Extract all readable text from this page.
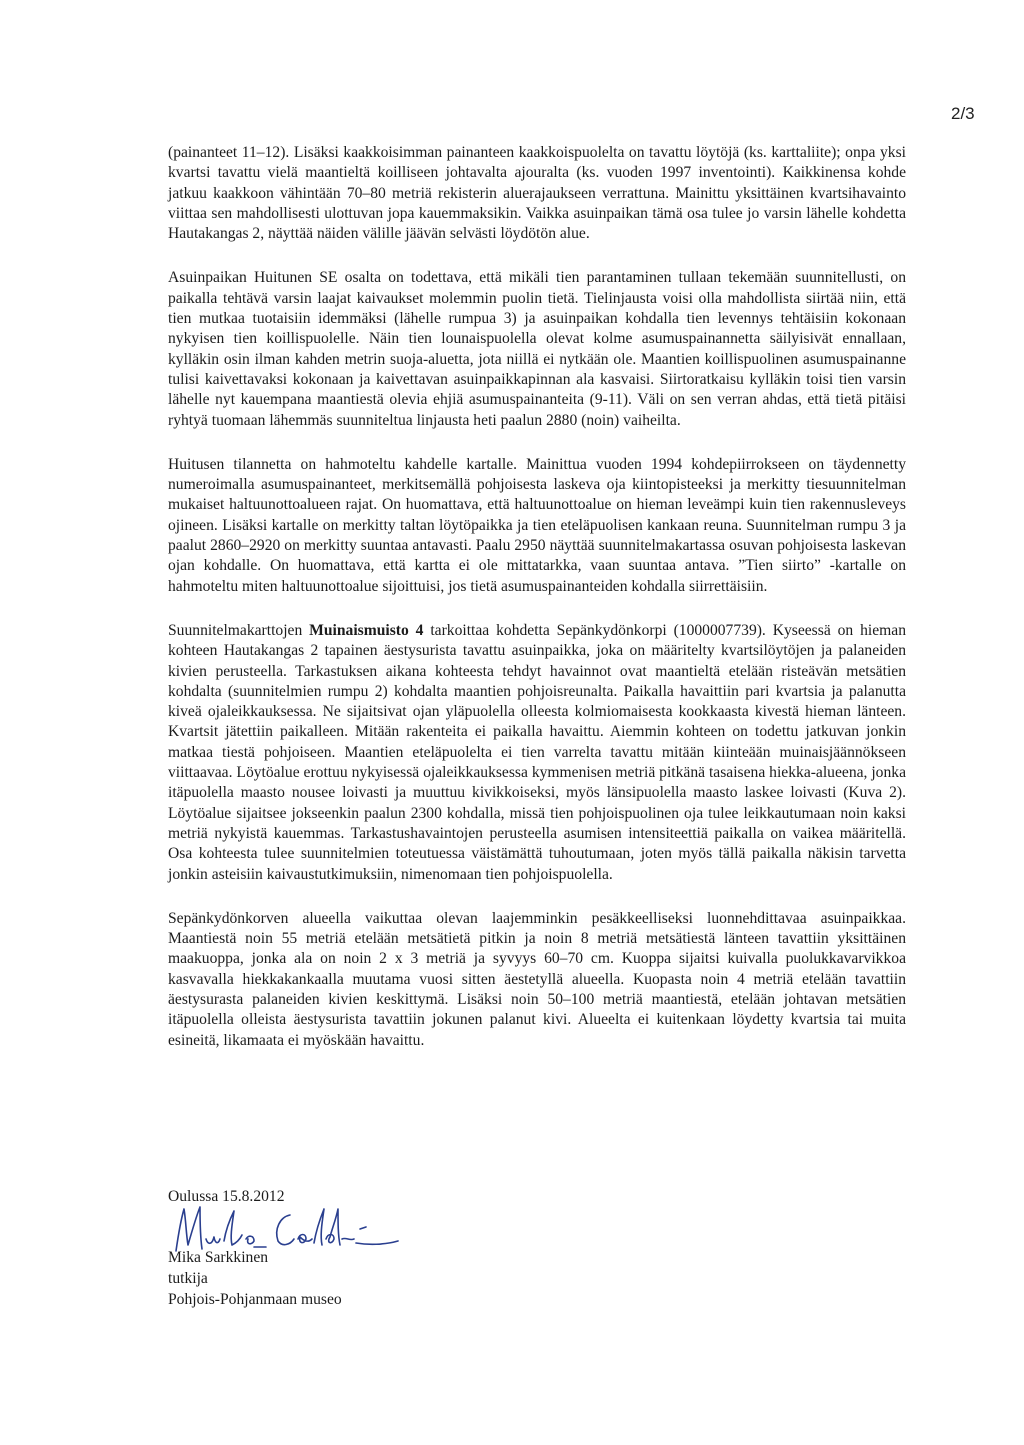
2/3

(painanteet 11–12). Lisäksi kaakkoisimman painanteen kaakkoispuolelta on tavattu löytöjä (ks. karttaliite); onpa yksi kvartsi tavattu vielä maantieltä koilliseen johtavalta ajouralta (ks. vuoden 1997 inventointi). Kaikkinensa kohde jatkuu kaakkoon vähintään 70–80 metriä rekisterin aluerajaukseen verrattuna. Mainittu yksittäinen kvartsihavainto viittaa sen mahdollisesti ulottuvan jopa kauemmaksikin. Vaikka asuinpaikan tämä osa tulee jo varsin lähelle kohdetta Hautakangas 2, näyttää näiden välille jäävän selvästi löydötön alue.

Asuinpaikan Huitunen SE osalta on todettava, että mikäli tien parantaminen tullaan tekemään suunnitellusti, on paikalla tehtävä varsin laajat kaivaukset molemmin puolin tietä. Tielinjausta voisi olla mahdollista siirtää niin, että tien mutkaa tuotaisiin idemmäksi (lähelle rumpua 3) ja asuinpaikan kohdalla tien levennys tehtäisiin kokonaan nykyisen tien koillispuolelle. Näin tien lounaispuolella olevat kolme asumuspainannetta säilyisivät ennallaan, kylläkin osin ilman kahden metrin suoja-aluetta, jota niillä ei nytkään ole. Maantien koillispuolinen asumuspainanne tulisi kaivettavaksi kokonaan ja kaivettavan asuinpaikkapinnan ala kasvaisi. Siirtoratkaisu kylläkin toisi tien varsin lähelle nyt kauempana maantiestä olevia ehjiä asumuspainanteita (9-11). Väli on sen verran ahdas, että tietä pitäisi ryhtyä tuomaan lähemmäs suunniteltua linjausta heti paalun 2880 (noin) vaiheilta.

Huitusen tilannetta on hahmoteltu kahdelle kartalle. Mainittua vuoden 1994 kohdepiirrokseen on täydennetty numeroimalla asumuspainanteet, merkitsemällä pohjoisesta laskeva oja kiintopisteeksi ja merkitty tiesuunnitelman mukaiset haltuunottoalueen rajat. On huomattava, että haltuunottoalue on hieman leveämpi kuin tien rakennusleveys ojineen. Lisäksi kartalle on merkitty taltan löytöpaikka ja tien eteläpuolisen kankaan reuna. Suunnitelman rumpu 3 ja paalut 2860–2920 on merkitty suuntaa antavasti. Paalu 2950 näyttää suunnitelmakartassa osuvan pohjoisesta laskevan ojan kohdalle. On huomattava, että kartta ei ole mittatarkka, vaan suuntaa antava. ”Tien siirto” -kartalle on hahmoteltu miten haltuunottoalue sijoittuisi, jos tietä asumuspainanteiden kohdalla siirrettäisiin.

Suunnitelmakarttojen Muinaismuisto 4 tarkoittaa kohdetta Sepänkydönkorpi (1000007739). Kyseessä on hieman kohteen Hautakangas 2 tapainen äestysurista tavattu asuinpaikka, joka on määritelty kvartsilöytöjen ja palaneiden kivien perusteella. Tarkastuksen aikana kohteesta tehdyt havainnot ovat maantieltä etelään risteävän metsätien kohdalta (suunnitelmien rumpu 2) kohdalta maantien pohjoisreunalta. Paikalla havaittiin pari kvartsia ja palanutta kiveä ojaleikkauksessa. Ne sijaitsivat ojan yläpuolella olleesta kolmiomaisesta kookkaasta kivestä hieman länteen. Kvartsit jätettiin paikalleen. Mitään rakenteita ei paikalla havaittu. Aiemmin kohteen on todettu jatkuvan jonkin matkaa tiestä pohjoiseen. Maantien eteläpuolelta ei tien varrelta tavattu mitään kiinteään muinaisjäännökseen viittaavaa. Löytöalue erottuu nykyisessä ojaleikkauksessa kymmenisen metriä pitkänä tasaisena hiekka-alueena, jonka itäpuolella maasto nousee loivasti ja muuttuu kivikkoiseksi, myös länsipuolella maasto laskee loivasti (Kuva 2). Löytöalue sijaitsee jokseenkin paalun 2300 kohdalla, missä tien pohjoispuolinen oja tulee leikkautumaan noin kaksi metriä nykyistä kauemmas. Tarkastushavaintojen perusteella asumisen intensiteettiä paikalla on vaikea määritellä. Osa kohteesta tulee suunnitelmien toteutuessa väistämättä tuhoutumaan, joten myös tällä paikalla näkisin tarvetta jonkin asteisiin kaivaustutkimuksiin, nimenomaan tien pohjoispuolella.

Sepänkydönkorven alueella vaikuttaa olevan laajemminkin pesäkkeelliseksi luonnehdittavaa asuinpaikkaa. Maantiestä noin 55 metriä etelään metsätietä pitkin ja noin 8 metriä metsätiestä länteen tavattiin yksittäinen maakuoppa, jonka ala on noin 2 x 3 metriä ja syvyys 60–70 cm. Kuoppa sijaitsi kuivalla puolukkavarvikkoa kasvavalla hiekkakankaalla muutama vuosi sitten äestetyllä alueella. Kuopasta noin 4 metriä etelään tavattiin äestysurasta palaneiden kivien keskittymä. Lisäksi noin 50–100 metriä maantiestä, etelään johtavan metsätien itäpuolella olleista äestysurista tavattiin jokunen palanut kivi. Alueelta ei kuitenkaan löydetty kvartsia tai muita esineitä, likamaata ei myöskään havaittu.

Oulussa 15.8.2012
Mika Sarkkinen
tutkija
Pohjois-Pohjanmaan museo
